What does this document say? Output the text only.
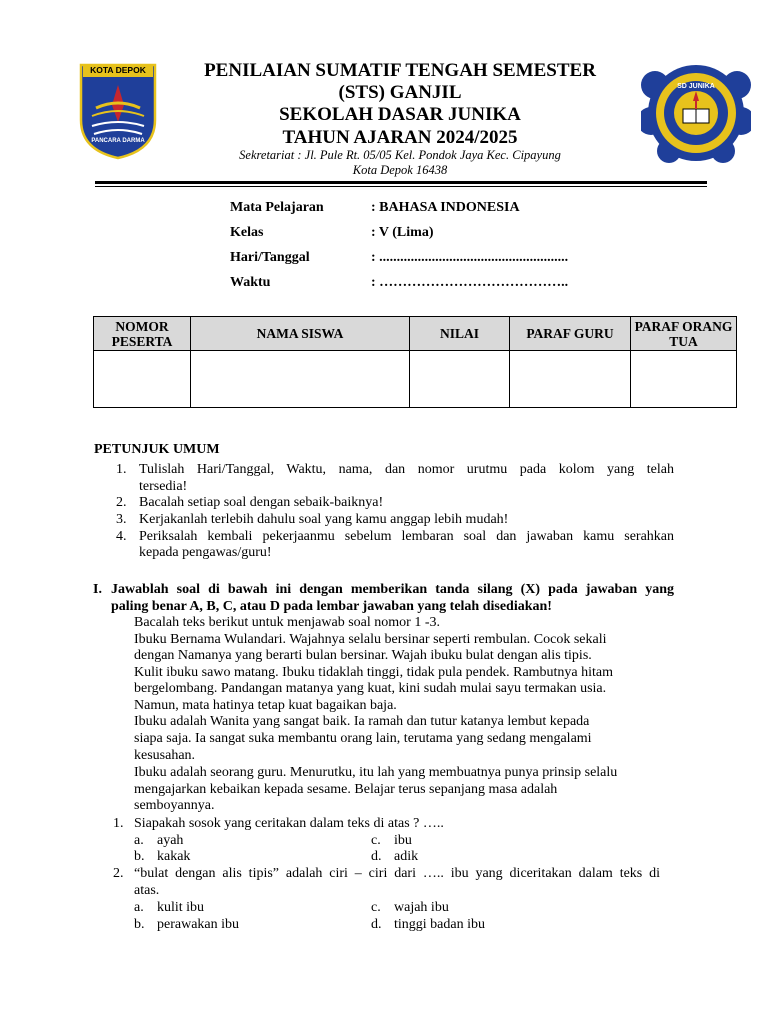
KOTA DEPOK
PANCARA DARMA
SD JUNIKA
PENILAIAN SUMATIF TENGAH SEMESTER
(STS) GANJIL
SEKOLAH DASAR JUNIKA
TAHUN AJARAN 2024/2025
Sekretariat : Jl. Pule Rt. 05/05 Kel. Pondok Jaya Kec. Cipayung
Kota Depok 16438
Mata Pelajaran	: BAHASA INDONESIA
Kelas	: V (Lima)
Hari/Tanggal	: ......................................................
Waktu	: …………………………………..
NOMOR PESERTA	NAMA SISWA	NILAI	PARAF GURU	PARAF ORANG TUA

PETUNJUK UMUM
1. Tulislah Hari/Tanggal, Waktu, nama, dan nomor urutmu pada kolom yang telah
tersedia!
2. Bacalah setiap soal dengan sebaik-baiknya!
3. Kerjakanlah terlebih dahulu soal yang kamu anggap lebih mudah!
4. Periksalah kembali pekerjaanmu sebelum lembaran soal dan jawaban kamu serahkan
kepada pengawas/guru!
I. Jawablah soal di bawah ini dengan memberikan tanda silang (X) pada jawaban yang
paling benar A, B, C, atau D pada lembar jawaban yang telah disediakan!
Bacalah teks berikut untuk menjawab soal nomor 1 -3.
Ibuku Bernama Wulandari. Wajahnya selalu bersinar seperti rembulan. Cocok sekali
dengan Namanya yang berarti bulan bersinar. Wajah ibuku bulat dengan alis tipis.
Kulit ibuku sawo matang. Ibuku tidaklah tinggi, tidak pula pendek. Rambutnya hitam
bergelombang. Pandangan matanya yang kuat, kini sudah mulai sayu termakan usia.
Namun, mata hatinya tetap kuat bagaikan baja.
Ibuku adalah Wanita yang sangat baik. Ia ramah dan tutur katanya lembut kepada
siapa saja. Ia sangat suka membantu orang lain, terutama yang sedang mengalami
kesusahan.
Ibuku adalah seorang guru. Menurutku, itu lah yang membuatnya punya prinsip selalu
mengajarkan kebaikan kepada sesame. Belajar terus sepanjang masa adalah
semboyannya.
1. Siapakah sosok yang ceritakan dalam teks di atas ? …..
a. ayah	c. ibu
b. kakak	d. adik
2. “bulat dengan alis tipis” adalah ciri – ciri dari ….. ibu yang diceritakan dalam teks di
atas.
a. kulit ibu	c. wajah ibu
b. perawakan ibu	d. tinggi badan ibu
